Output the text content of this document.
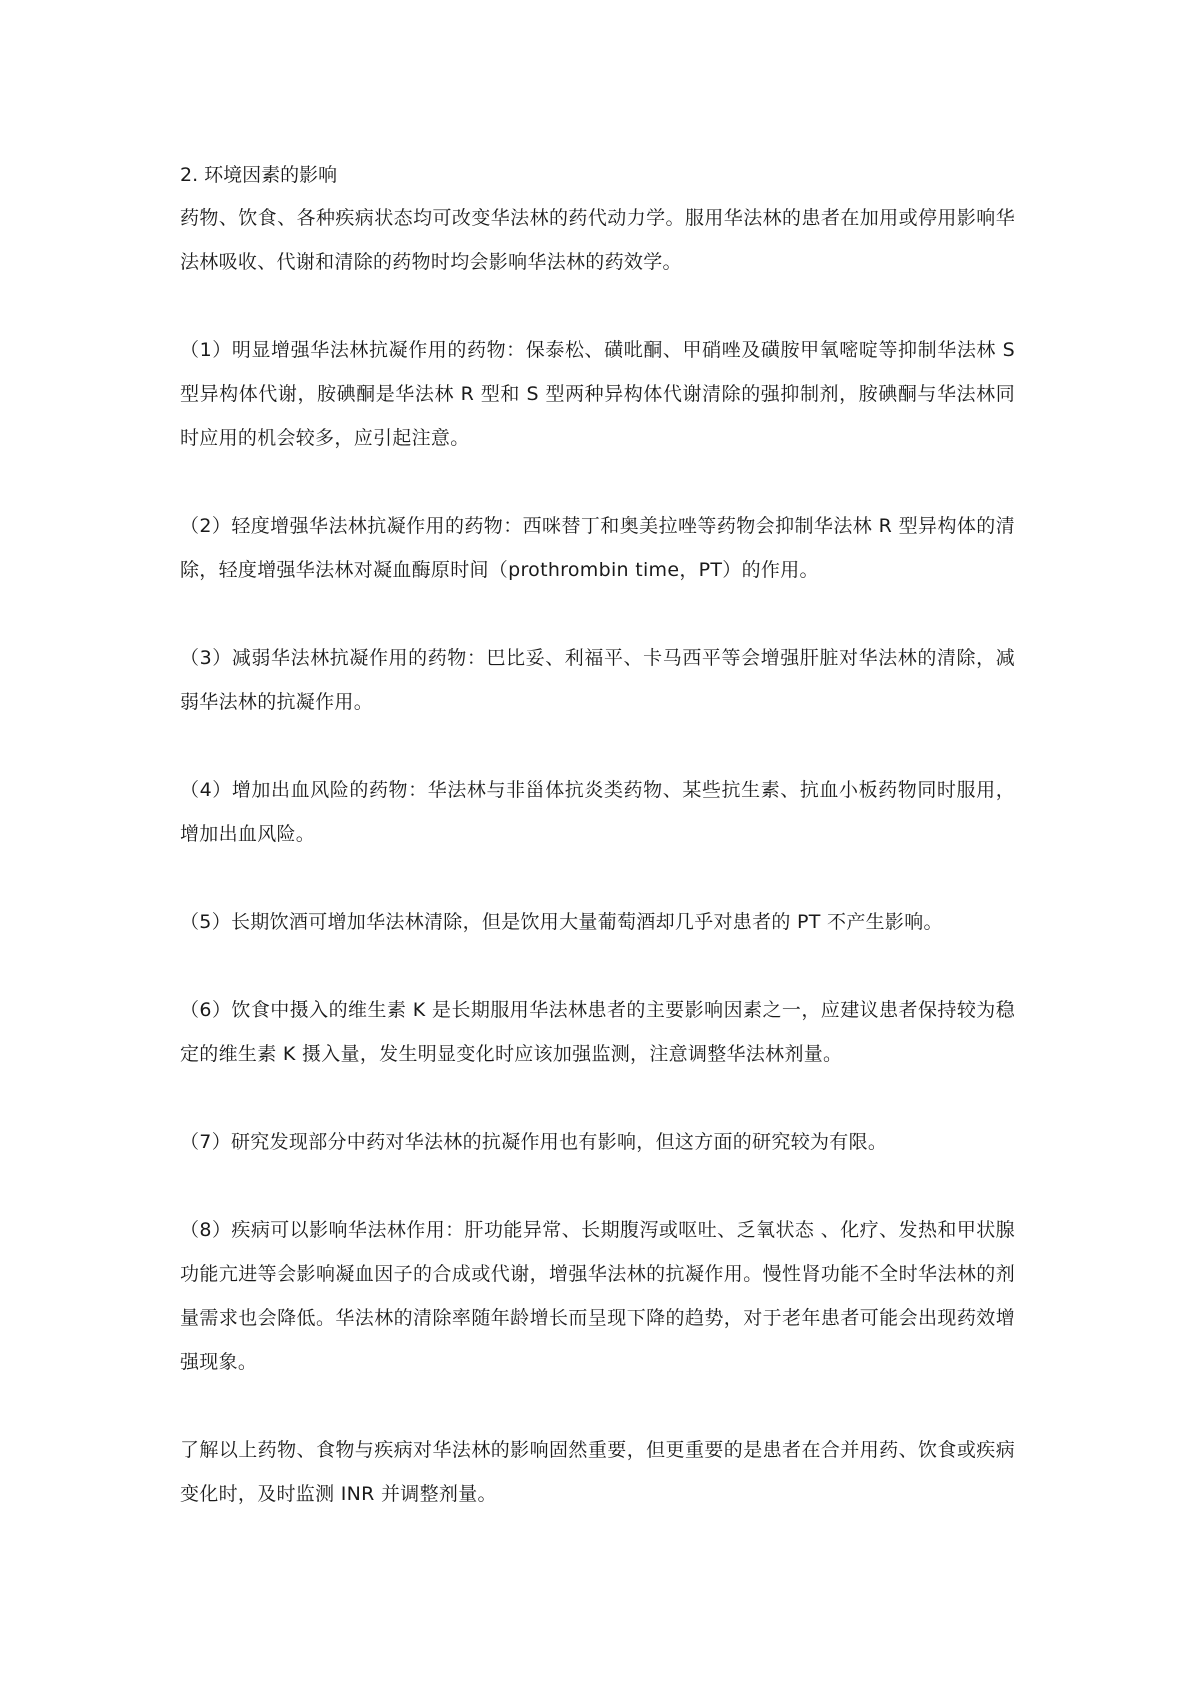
2. 环境因素的影响

药物、饮食、各种疾病状态均可改变华法林的药代动力学。服用华法林的患者在加用或停用影响华法林吸收、代谢和清除的药物时均会影响华法林的药效学。

（1）明显增强华法林抗凝作用的药物：保泰松、磺吡酮、甲硝唑及磺胺甲氧嘧啶等抑制华法林 S 型异构体代谢，胺碘酮是华法林 R 型和 S 型两种异构体代谢清除的强抑制剂，胺碘酮与华法林同时应用的机会较多，应引起注意。

（2）轻度增强华法林抗凝作用的药物：西咪替丁和奥美拉唑等药物会抑制华法林 R 型异构体的清除，轻度增强华法林对凝血酶原时间（prothrombin time，PT）的作用。

（3）减弱华法林抗凝作用的药物：巴比妥、利福平、卡马西平等会增强肝脏对华法林的清除，减弱华法林的抗凝作用。

（4）增加出血风险的药物：华法林与非甾体抗炎类药物、某些抗生素、抗血小板药物同时服用，增加出血风险。

（5）长期饮酒可增加华法林清除，但是饮用大量葡萄酒却几乎对患者的 PT 不产生影响。

（6）饮食中摄入的维生素 K 是长期服用华法林患者的主要影响因素之一，应建议患者保持较为稳定的维生素 K 摄入量，发生明显变化时应该加强监测，注意调整华法林剂量。

（7）研究发现部分中药对华法林的抗凝作用也有影响，但这方面的研究较为有限。

（8）疾病可以影响华法林作用：肝功能异常、长期腹泻或呕吐、乏氧状态 、化疗、发热和甲状腺功能亢进等会影响凝血因子的合成或代谢，增强华法林的抗凝作用。慢性肾功能不全时华法林的剂量需求也会降低。华法林的清除率随年龄增长而呈现下降的趋势，对于老年患者可能会出现药效增强现象。

了解以上药物、食物与疾病对华法林的影响固然重要，但更重要的是患者在合并用药、饮食或疾病变化时，及时监测 INR 并调整剂量。
